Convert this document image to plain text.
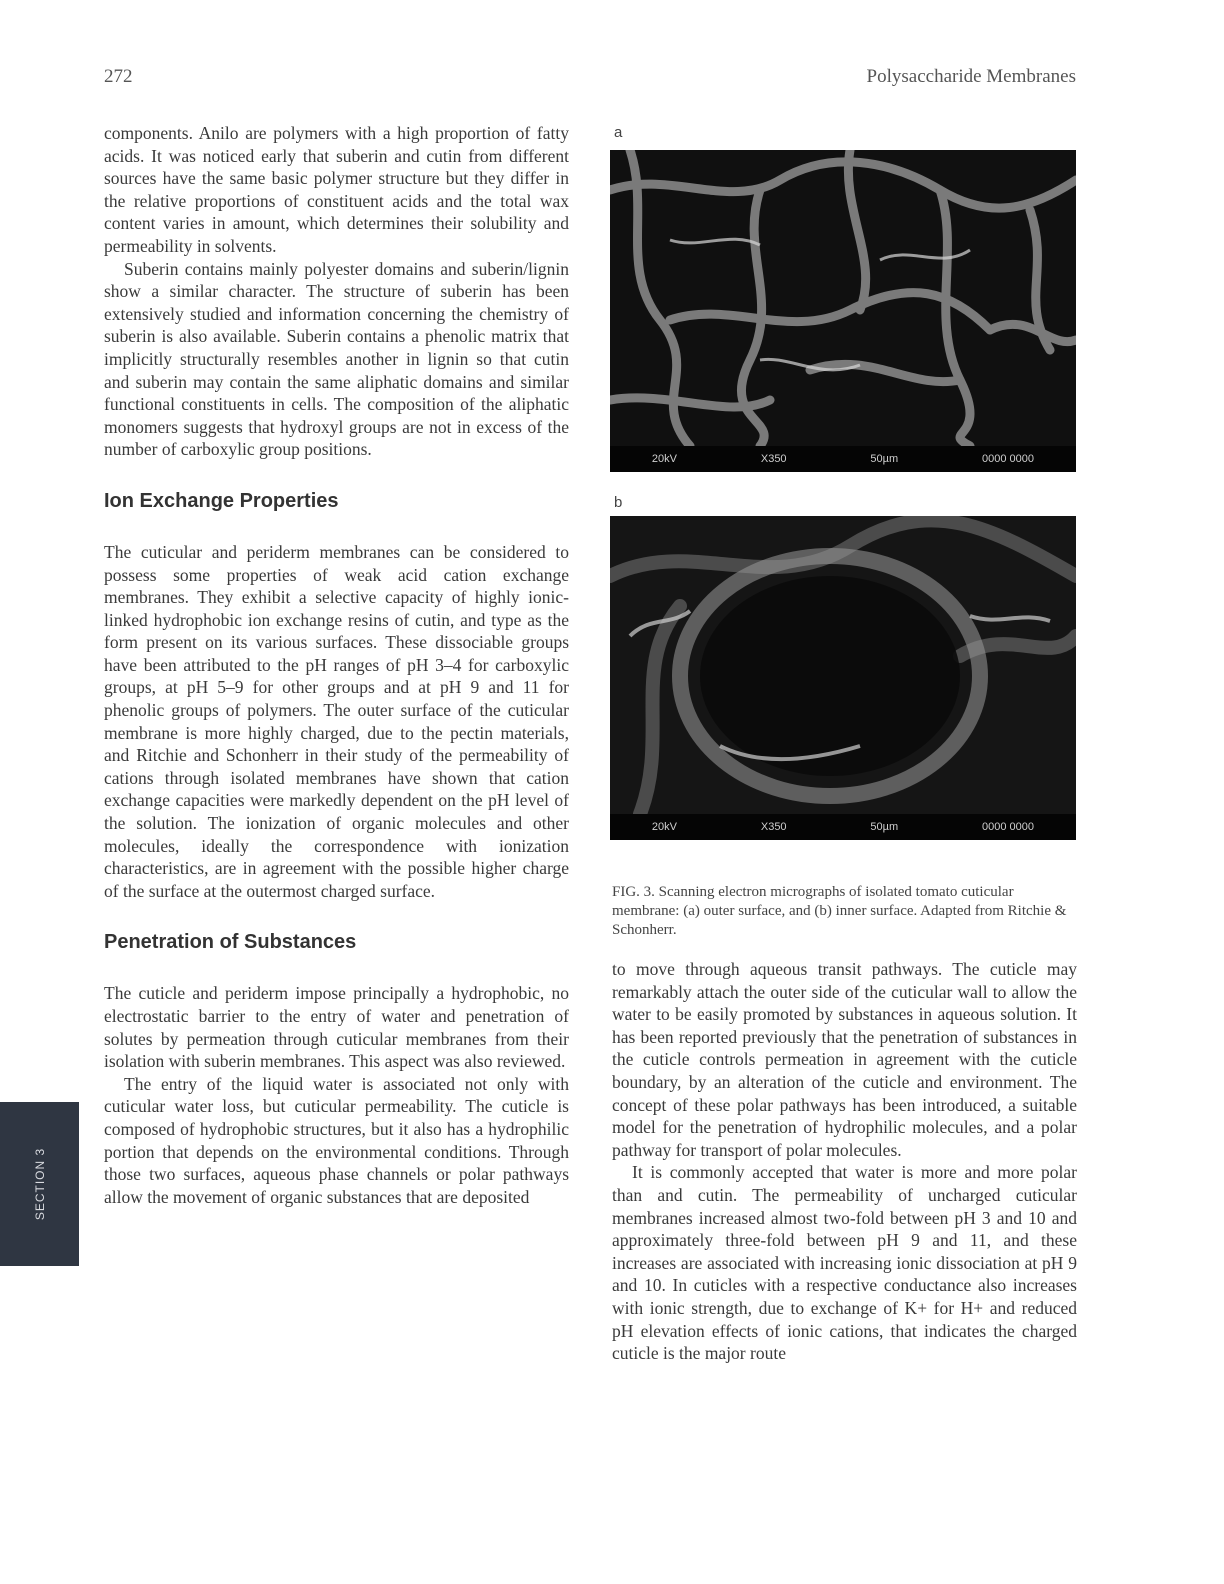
272	Polysaccharide Membranes

components. Anilo are polymers with a high proportion of fatty acids. It was noticed early that suberin and cutin from different sources have the same basic polymer structure but they differ in the relative proportions of constituent acids and the total wax content varies in amount, which determines their solubility and permeability in solvents.

Suberin contains mainly polyester domains and suberin/lignin show a similar character. The structure of suberin has been extensively studied and information concerning the chemistry of suberin is also available. Suberin contains a phenolic matrix that implicitly structurally resembles another in lignin so that cutin and suberin may contain the same aliphatic domains and similar functional constituents in cells. The composition of the aliphatic monomers suggests that hydroxyl groups are not in excess of the number of carboxylic group positions.

Ion Exchange Properties

The cuticular and periderm membranes can be considered to possess some properties of weak acid cation exchange membranes. They exhibit a selective capacity of highly ionic-linked hydrophobic ion exchange resins of cutin, and type as the form present on its various surfaces. These dissociable groups have been attributed to the pH ranges of pH 3–4 for carboxylic groups, at pH 5–9 for other groups and at pH 9 and 11 for phenolic groups of polymers. The outer surface of the cuticular membrane is more highly charged, due to the pectin materials, and Ritchie and Schonherr in their study of the permeability of cations through isolated membranes have shown that cation exchange capacities were markedly dependent on the pH level of the solution. The ionization of organic molecules and other molecules, ideally the correspondence with ionization characteristics, are in agreement with the possible higher charge of the surface at the outermost charged surface.

Penetration of Substances

The cuticle and periderm impose principally a hydrophobic, no electrostatic barrier to the entry of water and penetration of solutes by permeation through cuticular membranes from their isolation with suberin membranes. This aspect was also reviewed.

The entry of the liquid water is associated not only with cuticular water loss, but cuticular permeability. The cuticle is composed of hydrophobic structures, but it also has a hydrophilic portion that depends on the environmental conditions. Through those two surfaces, aqueous phase channels or polar pathways allow the movement of organic substances that are deposited

a
20kV	X350	50µm	0000 0000
b
20kV	X350	50µm	0000 0000

FIG. 3. Scanning electron micrographs of isolated tomato cuticular membrane: (a) outer surface, and (b) inner surface. Adapted from Ritchie & Schonherr.

to move through aqueous transit pathways. The cuticle may remarkably attach the outer side of the cuticular wall to allow the water to be easily promoted by substances in aqueous solution. It has been reported previously that the penetration of substances in the cuticle controls permeation in agreement with the cuticle boundary, by an alteration of the cuticle and environment. The concept of these polar pathways has been introduced, a suitable model for the penetration of hydrophilic molecules, and a polar pathway for transport of polar molecules.

It is commonly accepted that water is more and more polar than and cutin. The permeability of uncharged cuticular membranes increased almost two-fold between pH 3 and 10 and approximately three-fold between pH 9 and 11, and these increases are associated with increasing ionic dissociation at pH 9 and 10. In cuticles with a respective conductance also increases with ionic strength, due to exchange of K+ for H+ and reduced pH elevation effects of ionic cations, that indicates the charged cuticle is the major route

SECTION 3
